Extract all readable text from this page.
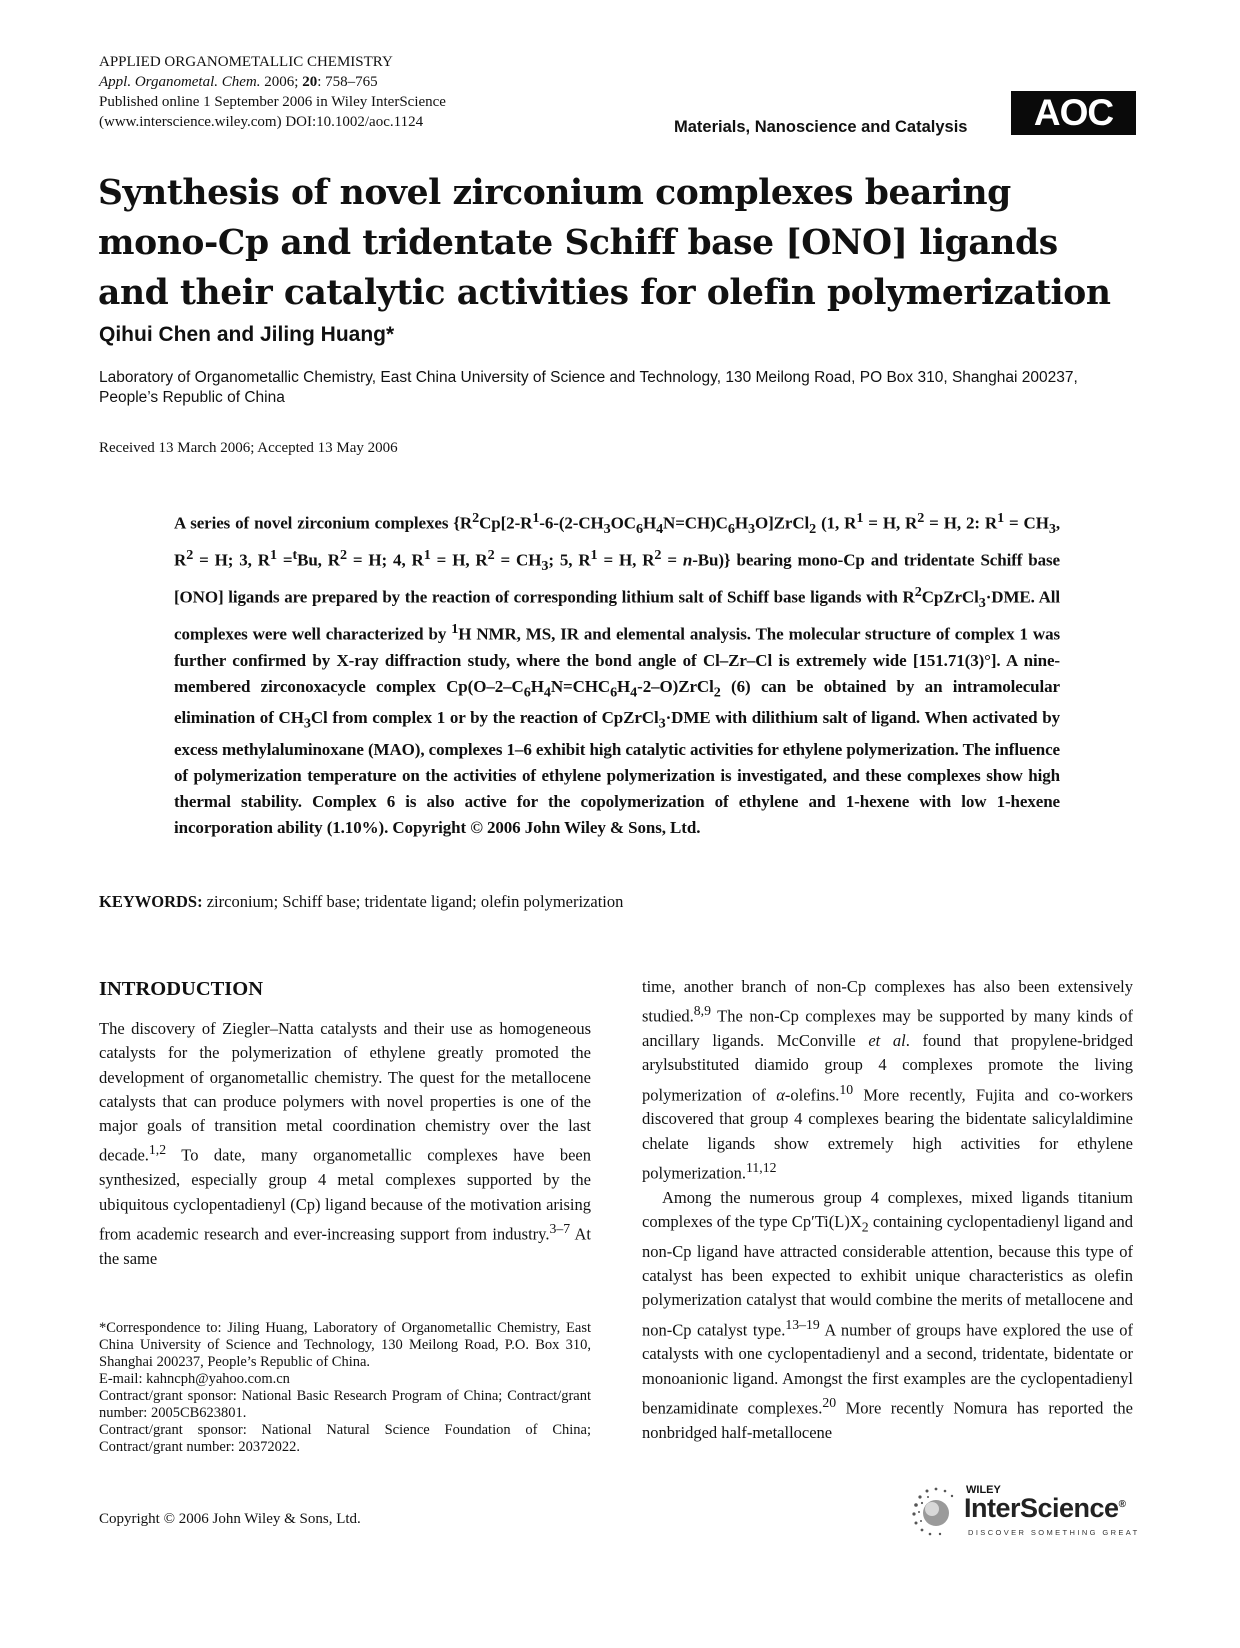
APPLIED ORGANOMETALLIC CHEMISTRY
Appl. Organometal. Chem. 2006; 20: 758–765
Published online 1 September 2006 in Wiley InterScience
(www.interscience.wiley.com) DOI:10.1002/aoc.1124	Materials, Nanoscience and Catalysis	AOC
Synthesis of novel zirconium complexes bearing
mono-Cp and tridentate Schiff base [ONO] ligands
and their catalytic activities for olefin polymerization
Qihui Chen and Jiling Huang*
Laboratory of Organometallic Chemistry, East China University of Science and Technology, 130 Meilong Road, PO Box 310, Shanghai 200237, People’s Republic of China
Received 13 March 2006; Accepted 13 May 2006
A series of novel zirconium complexes {$R^2Cp[2-R^1-6-(2-CH_3OC_6H_4N=CH)C_6H_3O]ZrCl_2$ (1, $R^1 = H$, $R^2 = H$, 2: $R^1 = CH_3$, $R^2 = H$; 3, $R^1 =^tBu$, $R^2 = H$; 4, $R^1 = H$, $R^2 = CH_3$; 5, $R^1 = H$, $R^2 = n-Bu$)} bearing mono-Cp and tridentate Schiff base [ONO] ligands are prepared by the reaction of corresponding lithium salt of Schiff base ligands with $R^2CpZrCl_3\cdot DME$. All complexes were well characterized by $^1$H NMR, MS, IR and elemental analysis. The molecular structure of complex 1 was further confirmed by X-ray diffraction study, where the bond angle of Cl–Zr–Cl is extremely wide [151.71(3)°]. A nine-membered zirconoxacycle complex $Cp(O-2-C_6H_4N=CHC_6H_4-2-O)ZrCl_2$ (6) can be obtained by an intramolecular elimination of $CH_3Cl$ from complex 1 or by the reaction of CpZrCl$_3$·DME with dilithium salt of ligand. When activated by excess methylaluminoxane (MAO), complexes 1–6 exhibit high catalytic activities for ethylene polymerization. The influence of polymerization temperature on the activities of ethylene polymerization is investigated, and these complexes show high thermal stability. Complex 6 is also active for the copolymerization of ethylene and 1-hexene with low 1-hexene incorporation ability (1.10%). Copyright © 2006 John Wiley & Sons, Ltd.
KEYWORDS: zirconium; Schiff base; tridentate ligand; olefin polymerization
INTRODUCTION

The discovery of Ziegler–Natta catalysts and their use as homogeneous catalysts for the polymerization of ethylene greatly promoted the development of organometallic chemistry. The quest for the metallocene catalysts that can produce polymers with novel properties is one of the major goals of transition metal coordination chemistry over the last decade.$^{1,2}$ To date, many organometallic complexes have been synthesized, especially group 4 metal complexes supported by the ubiquitous cyclopentadienyl (Cp) ligand because of the motivation arising from academic research and ever-increasing support from industry.$^{3-7}$ At the same

time, another branch of non-Cp complexes has also been extensively studied.$^{8,9}$ The non-Cp complexes may be supported by many kinds of ancillary ligands. McConville et al. found that propylene-bridged arylsubstituted diamido group 4 complexes promote the living polymerization of α-olefins.$^{10}$ More recently, Fujita and co-workers discovered that group 4 complexes bearing the bidentate salicylaldimine chelate ligands show extremely high activities for ethylene polymerization.$^{11,12}$

Among the numerous group 4 complexes, mixed ligands titanium complexes of the type $Cp'Ti(L)X_2$ containing cyclopentadienyl ligand and non-Cp ligand have attracted considerable attention, because this type of catalyst has been expected to exhibit unique characteristics as olefin polymerization catalyst that would combine the merits of metallocene and non-Cp catalyst type.$^{13-19}$ A number of groups have explored the use of catalysts with one cyclopentadienyl and a second, tridentate, bidentate or monoanionic ligand. Amongst the first examples are the cyclopentadienyl benzamidinate complexes.$^{20}$ More recently Nomura has reported the nonbridged half-metallocene

*Correspondence to: Jiling Huang, Laboratory of Organometallic Chemistry, East China University of Science and Technology, 130 Meilong Road, P.O. Box 310, Shanghai 200237, People’s Republic of China.
E-mail: kahncph@yahoo.com.cn
Contract/grant sponsor: National Basic Research Program of China; Contract/grant number: 2005CB623801.
Contract/grant sponsor: National Natural Science Foundation of China; Contract/grant number: 20372022.
Copyright © 2006 John Wiley & Sons, Ltd.
WILEY
InterScience®
DISCOVER SOMETHING GREAT
